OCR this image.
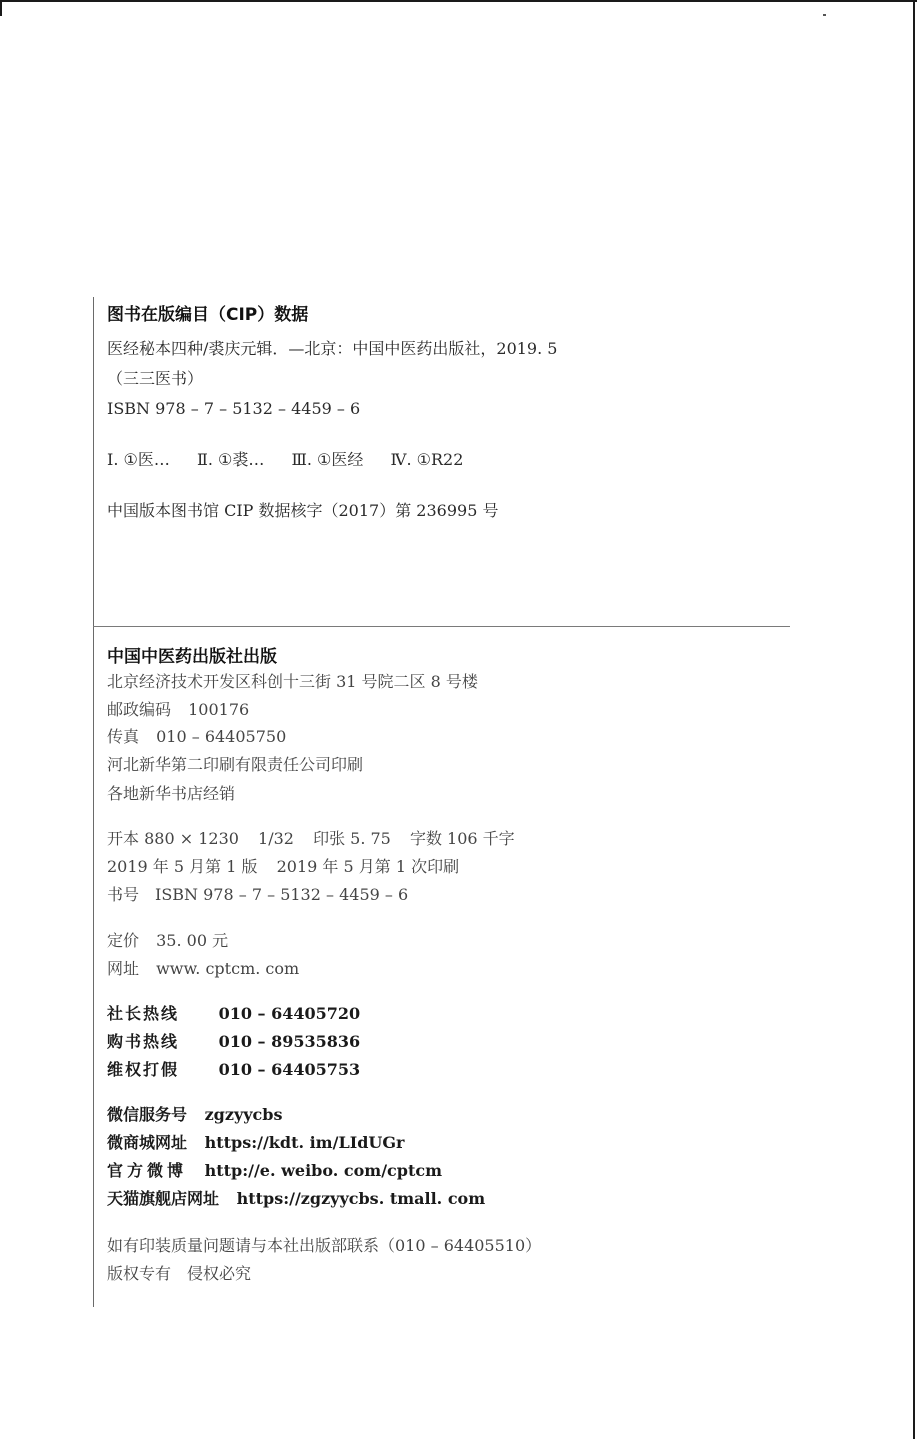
图书在版编目（CIP）数据
医经秘本四种/裘庆元辑．—北京：中国中医药出版社，2019. 5
（三三医书）
ISBN 978 – 7 – 5132 – 4459 – 6
Ⅰ. ①医… Ⅱ. ①裘… Ⅲ. ①医经 Ⅳ. ①R22
中国版本图书馆 CIP 数据核字（2017）第 236995 号
中国中医药出版社出版
北京经济技术开发区科创十三街 31 号院二区 8 号楼
邮政编码 100176
传真 010 – 64405750
河北新华第二印刷有限责任公司印刷
各地新华书店经销
开本 880 × 1230 1/32 印张 5. 75 字数 106 千字
2019 年 5 月第 1 版 2019 年 5 月第 1 次印刷
书号　ISBN 978 – 7 – 5132 – 4459 – 6
定价 35. 00 元
网址 www. cptcm. com
社长热线 010 – 64405720
购书热线 010 – 89535836
维权打假 010 – 64405753
微信服务号 zgzyycbs
微商城网址 https://kdt. im/LIdUGr
官方微博 http://e. weibo. com/cptcm
天猫旗舰店网址 https://zgzyycbs. tmall. com
如有印装质量问题请与本社出版部联系（010 – 64405510）
版权专有　侵权必究
